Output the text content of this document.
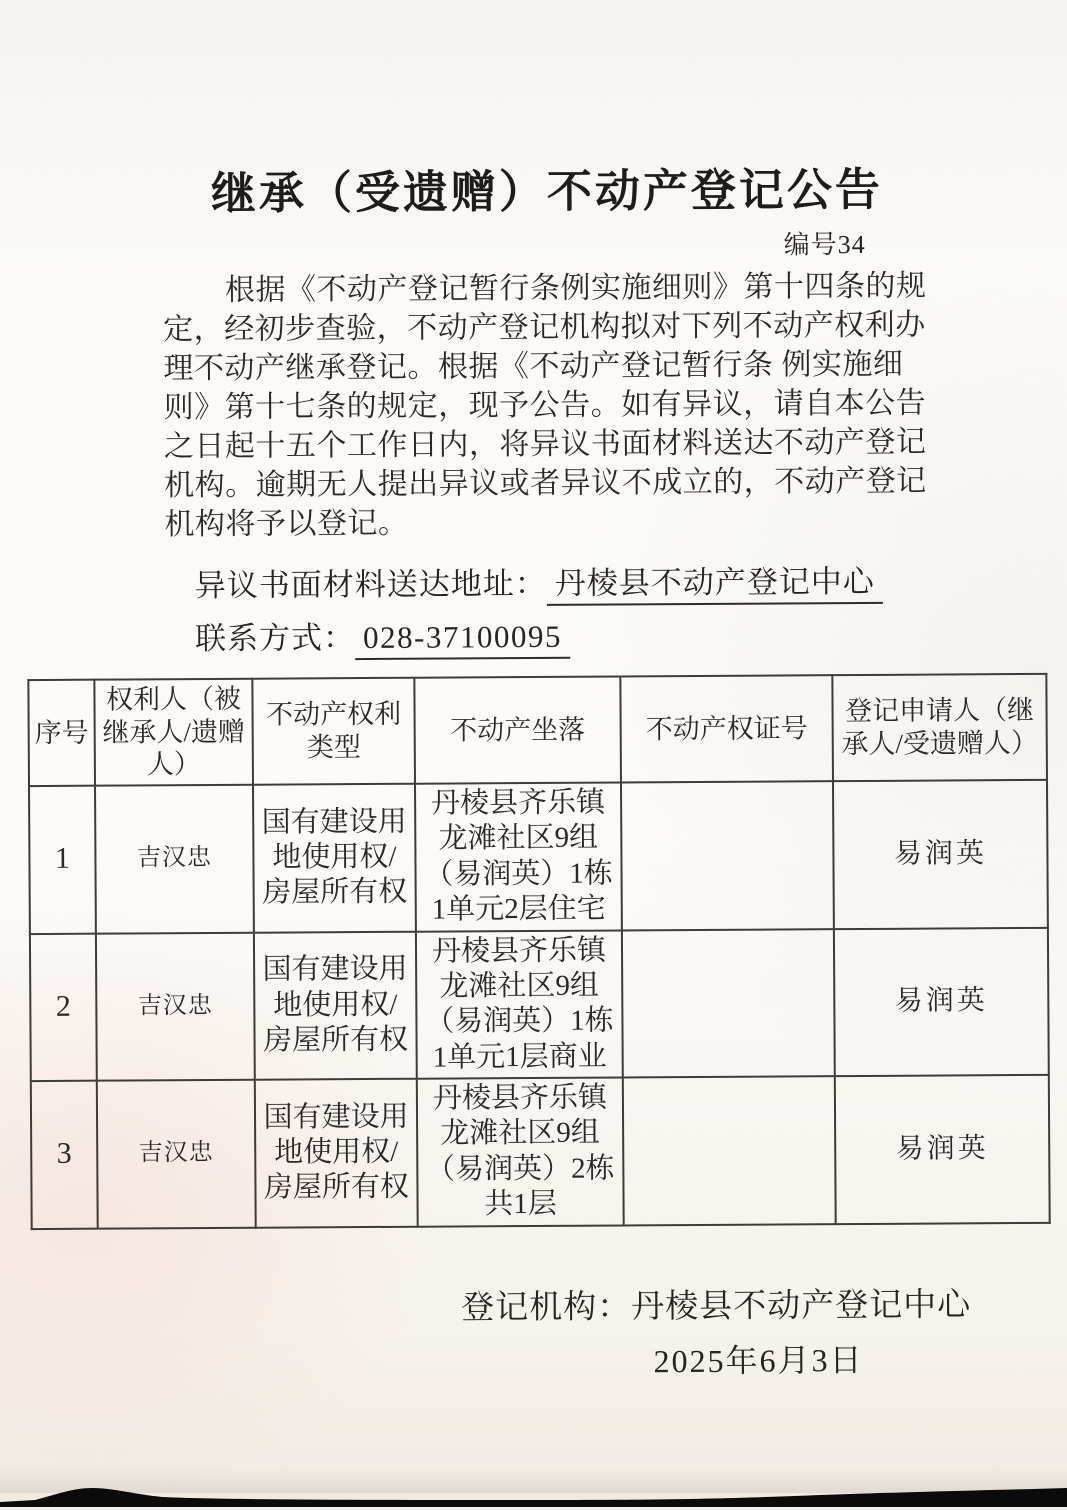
继承（受遗赠）不动产登记公告
编号34
根据《不动产登记暂行条例实施细则》第十四条的规
定，经初步查验，不动产登记机构拟对下列不动产权利办
理不动产继承登记。根据《不动产登记暂行条 例实施细
则》第十七条的规定，现予公告。如有异议，请自本公告
之日起十五个工作日内，将异议书面材料送达不动产登记
机构。逾期无人提出异议或者异议不成立的，不动产登记
机构将予以登记。
异议书面材料送达地址： 丹棱县不动产登记中心
联系方式： 028-37100095
序号	权利人（被继承人/遗赠人）	不动产权利类型	不动产坐落	不动产权证号	登记申请人（继承人/受遗赠人）
1	吉汉忠	国有建设用地使用权/房屋所有权	丹棱县齐乐镇龙滩社区9组（易润英）1栋1单元2层住宅		易润英
2	吉汉忠	国有建设用地使用权/房屋所有权	丹棱县齐乐镇龙滩社区9组（易润英）1栋1单元1层商业		易润英
3	吉汉忠	国有建设用地使用权/房屋所有权	丹棱县齐乐镇龙滩社区9组（易润英）2栋共1层		易润英
登记机构：丹棱县不动产登记中心
2025年6月3日
